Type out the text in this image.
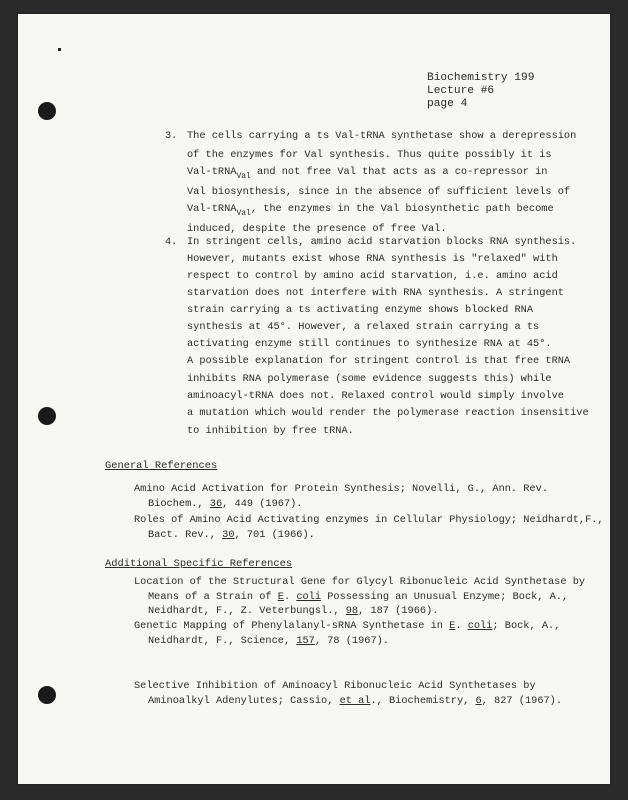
Biochemistry 199
Lecture #6
page 4
3. The cells carrying a ts Val-tRNA synthetase show a derepression
of the enzymes for Val synthesis. Thus quite possibly it is
Val-tRNA$_{Val}$ and not free Val that acts as a co-repressor in
Val biosynthesis, since in the absence of sufficient levels of
Val-tRNA$_{Val}$, the enzymes in the Val biosynthetic path become
induced, despite the presence of free Val.
4. In stringent cells, amino acid starvation blocks RNA synthesis.
However, mutants exist whose RNA synthesis is "relaxed" with
respect to control by amino acid starvation, i.e. amino acid
starvation does not interfere with RNA synthesis. A stringent
strain carrying a ts activating enzyme shows blocked RNA
synthesis at 45°. However, a relaxed strain carrying a ts
activating enzyme still continues to synthesize RNA at 45°.
A possible explanation for stringent control is that free tRNA
inhibits RNA polymerase (some evidence suggests this) while
aminoacyl-tRNA does not. Relaxed control would simply involve
a mutation which would render the polymerase reaction insensitive
to inhibition by free tRNA.
General References
Amino Acid Activation for Protein Synthesis; Novelli, G., Ann. Rev.
Biochem., 36, 449 (1967).
Roles of Amino Acid Activating enzymes in Cellular Physiology; Neidhardt,F.,
Bact. Rev., 30, 701 (1966).
Additional Specific References
Location of the Structural Gene for Glycyl Ribonucleic Acid Synthetase by
Means of a Strain of E. coli Possessing an Unusual Enzyme; Bock, A.,
Neidhardt, F., Z. Veterbungsl., 98, 187 (1966).
Genetic Mapping of Phenylalanyl-sRNA Synthetase in E. coli; Bock, A.,
Neidhardt, F., Science, 157, 78 (1967).
Selective Inhibition of Aminoacyl Ribonucleic Acid Synthetases by
Aminoalkyl Adenylutes; Cassio, et al., Biochemistry, 6, 827 (1967).
